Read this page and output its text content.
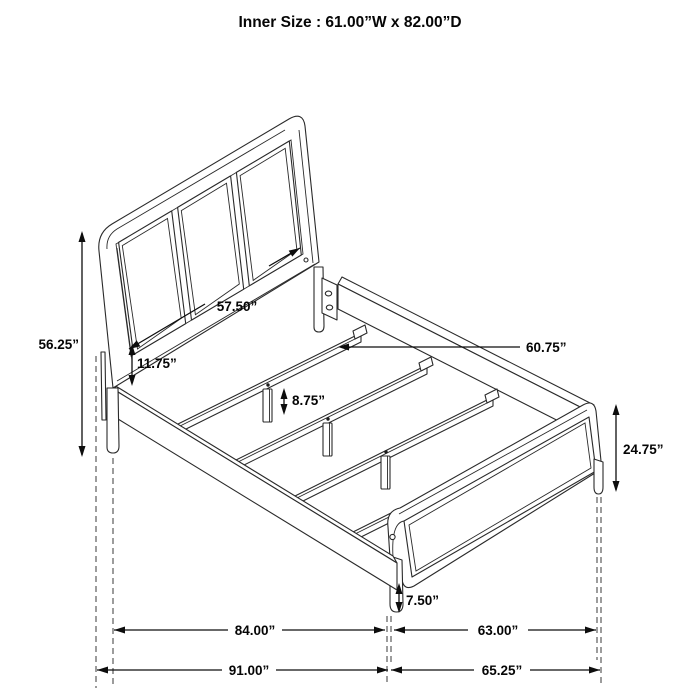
Inner Size : 61.00”W x 82.00”D
56.25”
11.75”
57.50”
60.75”
8.75”
24.75”
7.50”
84.00”	63.00”
91.00”	65.25”
